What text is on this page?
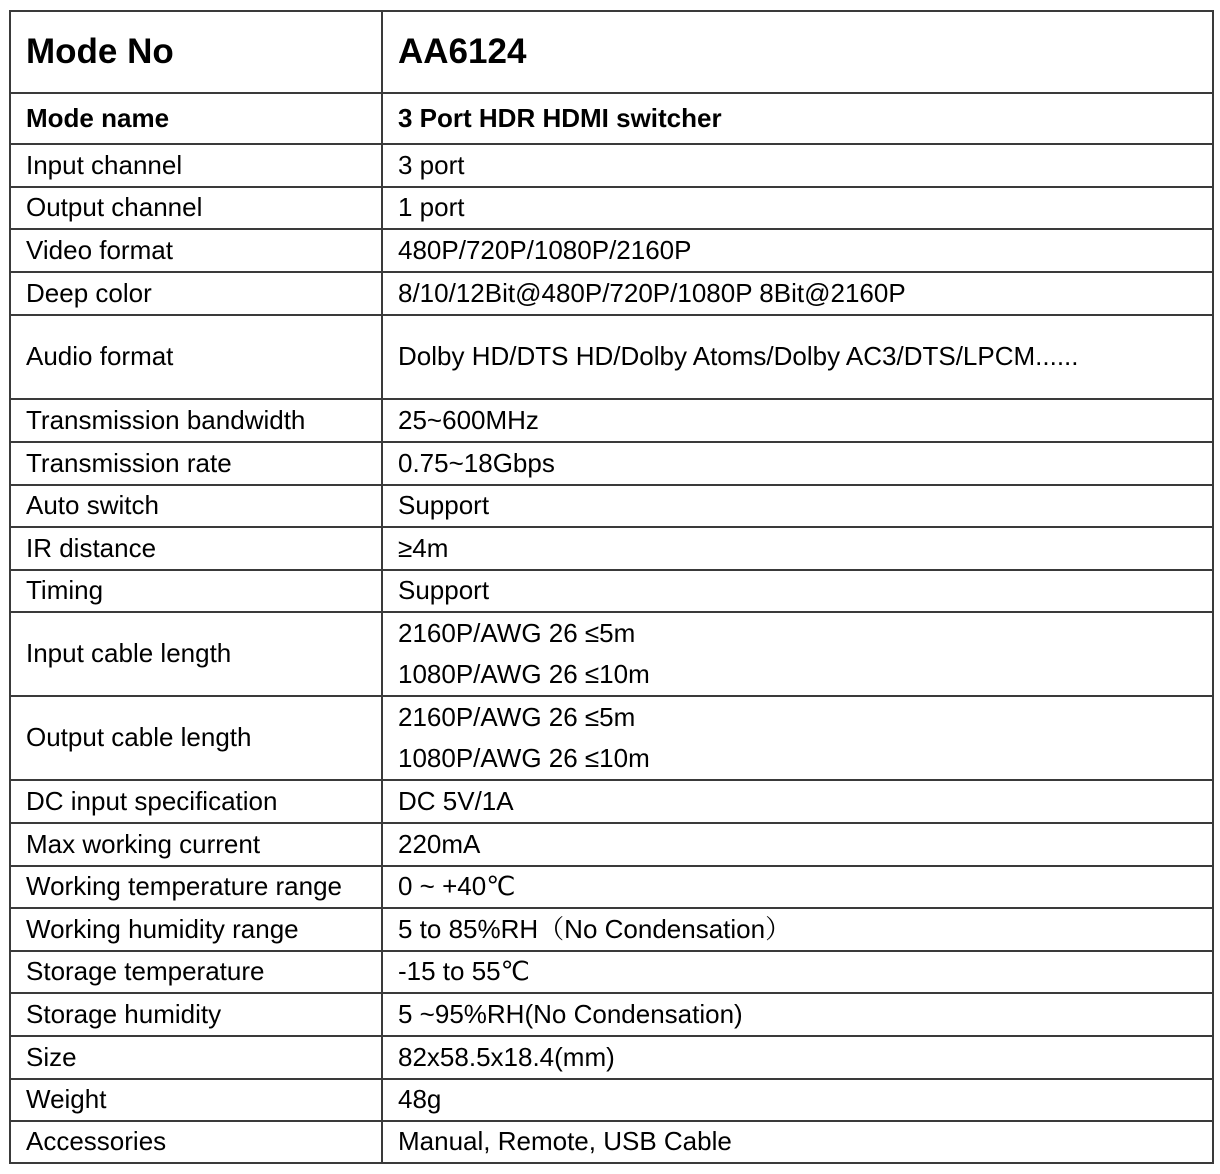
Mode No	AA6124
Mode name	3 Port HDR HDMI switcher
Input channel	3 port
Output channel	1 port
Video format	480P/720P/1080P/2160P
Deep color	8/10/12Bit@480P/720P/1080P 8Bit@2160P
Audio format	Dolby HD/DTS HD/Dolby Atoms/Dolby AC3/DTS/LPCM......
Transmission bandwidth	25~600MHz
Transmission rate	0.75~18Gbps
Auto switch	Support
IR distance	≥4m
Timing	Support
Input cable length	2160P/AWG 26 ≤5m
1080P/AWG 26 ≤10m

Output cable length	2160P/AWG 26 ≤5m
1080P/AWG 26 ≤10m

DC input specification	DC 5V/1A
Max working current	220mA
Working temperature range	0 ~ +40℃
Working humidity range	5 to 85%RH（No Condensation）
Storage temperature	-15 to 55℃
Storage humidity	5 ~95%RH(No Condensation)
Size	82x58.5x18.4(mm)
Weight	48g
Accessories	Manual, Remote, USB Cable
